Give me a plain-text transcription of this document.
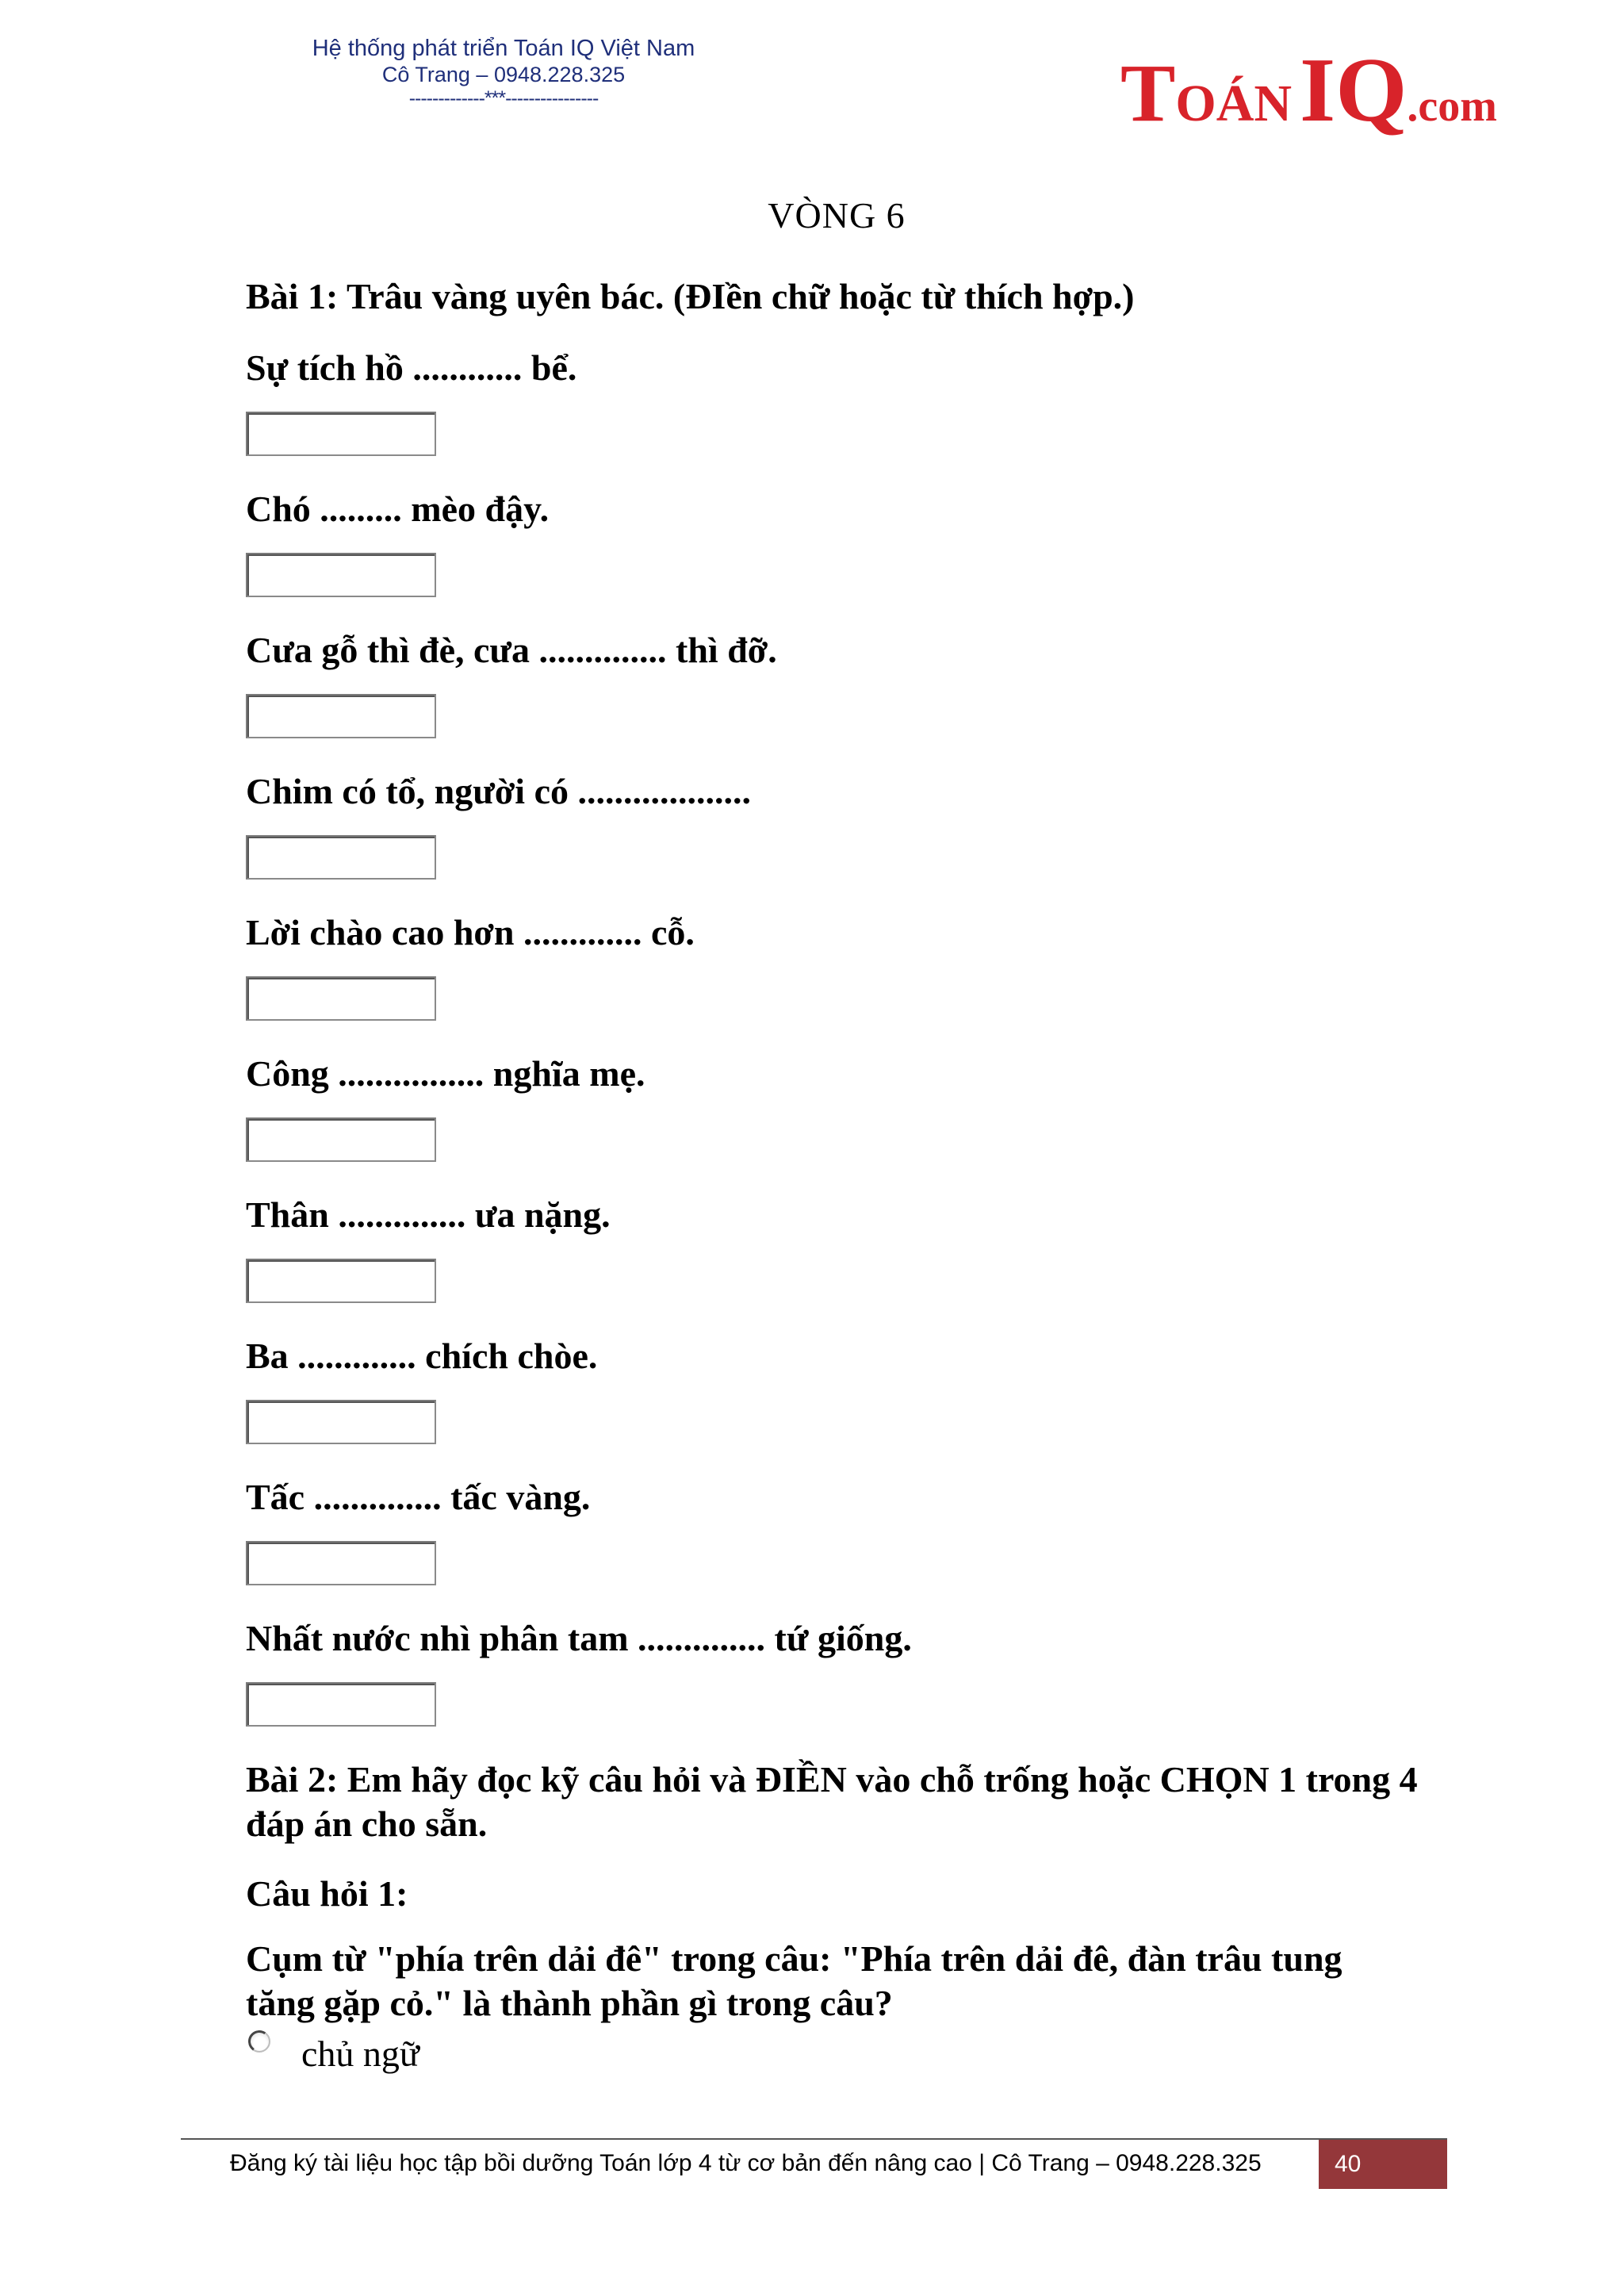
Hệ thống phát triển Toán IQ Việt Nam
Cô Trang – 0948.228.325
-------------***----------------	TOÁNIQ.com
VÒNG 6
Bài 1: Trâu vàng uyên bác. (ĐIền chữ hoặc từ thích hợp.)
Sự tích hồ ............ bể.
Chó ......... mèo đậy.
Cưa gỗ thì đè, cưa .............. thì đỡ.
Chim có tổ, người có ...................
Lời chào cao hơn ............. cỗ.
Công ................ nghĩa mẹ.
Thân .............. ưa nặng.
Ba ............. chích chòe.
Tấc .............. tấc vàng.
Nhất nước nhì phân tam .............. tứ giống.
Bài 2: Em hãy đọc kỹ câu hỏi và ĐIỀN vào chỗ trống hoặc CHỌN 1 trong 4 đáp án cho sẵn.
Câu hỏi 1:
Cụm từ "phía trên dải đê" trong câu: "Phía trên dải đê, đàn trâu tung tăng gặp cỏ." là thành phần gì trong câu?
chủ ngữ
Đăng ký tài liệu học tập bồi dưỡng Toán lớp 4 từ cơ bản đến nâng cao | Cô Trang – 0948.228.325	40
